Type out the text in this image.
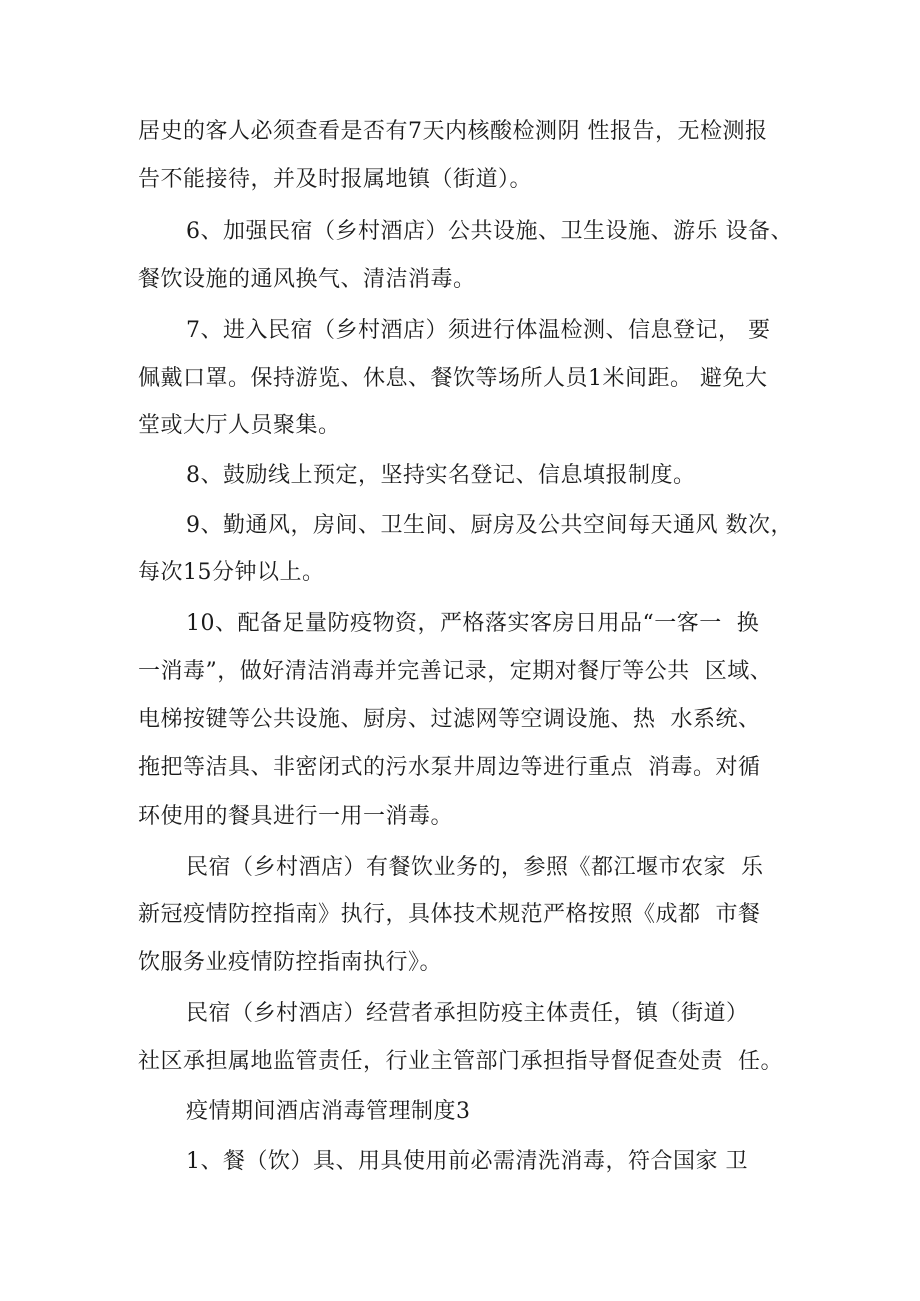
居史的客人必须查看是否有7天内核酸检测阴 性报告，无检测报
告不能接待，并及时报属地镇（街道）。
6、加强民宿（乡村酒店）公共设施、卫生设施、游乐 设备、
餐饮设施的通风换气、清洁消毒。
7、进入民宿（乡村酒店）须进行体温检测、信息登记， 要
佩戴口罩。保持游览、休息、餐饮等场所人员1米间距。 避免大
堂或大厅人员聚集。
8、鼓励线上预定，坚持实名登记、信息填报制度。
9、勤通风，房间、卫生间、厨房及公共空间每天通风 数次，
每次15分钟以上。
10、配备足量防疫物资，严格落实客房日用品“一客一  换
一消毒”，做好清洁消毒并完善记录，定期对餐厅等公共  区域、
电梯按键等公共设施、厨房、过滤网等空调设施、热  水系统、
拖把等洁具、非密闭式的污水泵井周边等进行重点  消毒。对循
环使用的餐具进行一用一消毒。
民宿（乡村酒店）有餐饮业务的，参照《都江堰市农家  乐
新冠疫情防控指南》执行，具体技术规范严格按照《成都  市餐
饮服务业疫情防控指南执行》。
民宿（乡村酒店）经营者承担防疫主体责任，镇（街道）
社区承担属地监管责任，行业主管部门承担指导督促查处责  任。
疫情期间酒店消毒管理制度3
1、餐（饮）具、用具使用前必需清洗消毒，符合国家 卫
